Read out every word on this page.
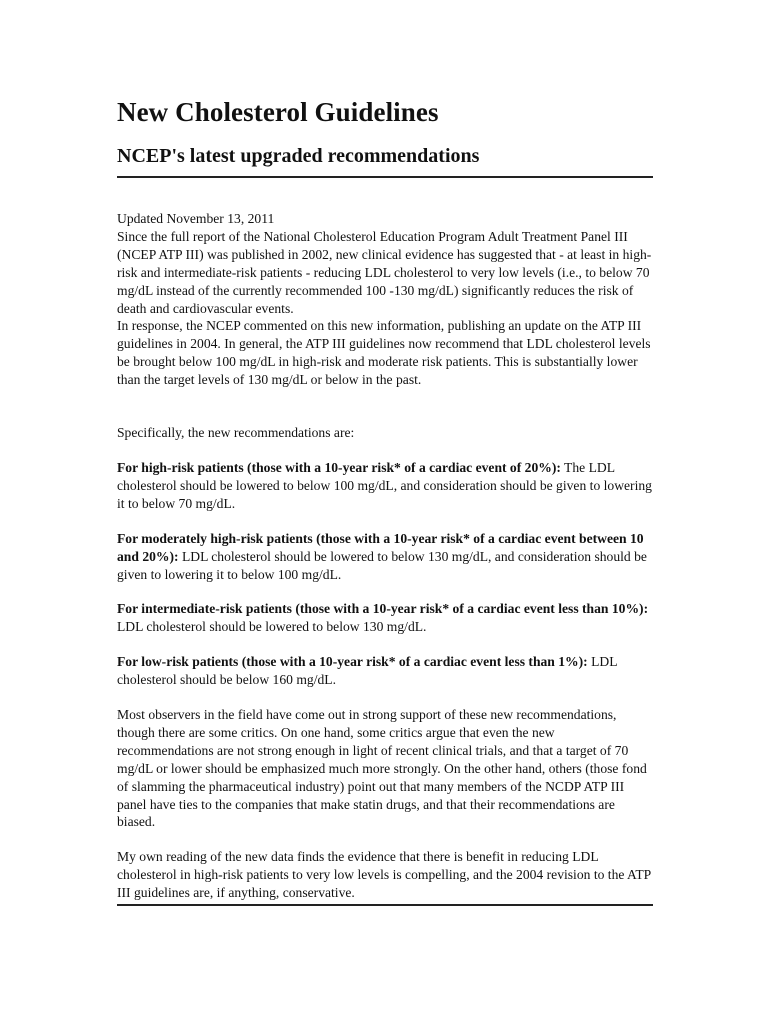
New Cholesterol Guidelines
NCEP's latest upgraded recommendations

Updated November 13, 2011

Since the full report of the National Cholesterol Education Program Adult Treatment Panel III (NCEP ATP III) was published in 2002, new clinical evidence has suggested that - at least in high-risk and intermediate-risk patients - reducing LDL cholesterol to very low levels (i.e., to below 70 mg/dL instead of the currently recommended 100 -130 mg/dL) significantly reduces the risk of death and cardiovascular events.

In response, the NCEP commented on this new information, publishing an update on the ATP III guidelines in 2004. In general, the ATP III guidelines now recommend that LDL cholesterol levels be brought below 100 mg/dL in high-risk and moderate risk patients. This is substantially lower than the target levels of 130 mg/dL or below in the past.

Specifically, the new recommendations are:

For high-risk patients (those with a 10-year risk* of a cardiac event of 20%): The LDL cholesterol should be lowered to below 100 mg/dL, and consideration should be given to lowering it to below 70 mg/dL.

For moderately high-risk patients (those with a 10-year risk* of a cardiac event between 10 and 20%): LDL cholesterol should be lowered to below 130 mg/dL, and consideration should be given to lowering it to below 100 mg/dL.

For intermediate-risk patients (those with a 10-year risk* of a cardiac event less than 10%): LDL cholesterol should be lowered to below 130 mg/dL.

For low-risk patients (those with a 10-year risk* of a cardiac event less than 1%): LDL cholesterol should be below 160 mg/dL.

Most observers in the field have come out in strong support of these new recommendations, though there are some critics. On one hand, some critics argue that even the new recommendations are not strong enough in light of recent clinical trials, and that a target of 70 mg/dL or lower should be emphasized much more strongly. On the other hand, others (those fond of slamming the pharmaceutical industry) point out that many members of the NCDP ATP III panel have ties to the companies that make statin drugs, and that their recommendations are biased.

My own reading of the new data finds the evidence that there is benefit in reducing LDL cholesterol in high-risk patients to very low levels is compelling, and the 2004 revision to the ATP III guidelines are, if anything, conservative.
